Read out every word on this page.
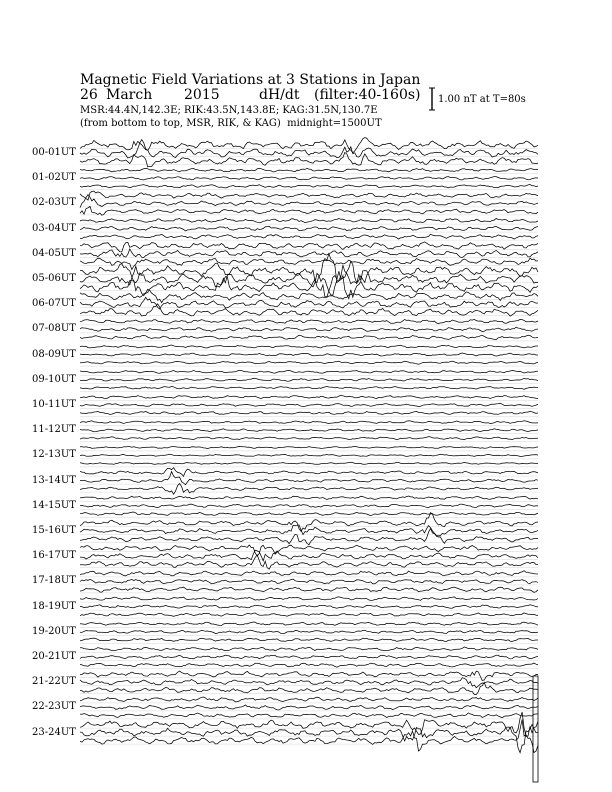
Magnetic Field Variations at 3 Stations in Japan
26 March 2015	dH/dt (filter:40-160s)
MSR:44.4N,142.3E; RIK:43.5N,143.8E; KAG:31.5N,130.7E
(from bottom to top, MSR, RIK, & KAG) midnight=1500UT
1.00 nT at T=80s
00-01UT
01-02UT
02-03UT
03-04UT
04-05UT
05-06UT
06-07UT
07-08UT
08-09UT
09-10UT
10-11UT
11-12UT
12-13UT
13-14UT
14-15UT
15-16UT
16-17UT
17-18UT
18-19UT
19-20UT
20-21UT
21-22UT
22-23UT
23-24UT
